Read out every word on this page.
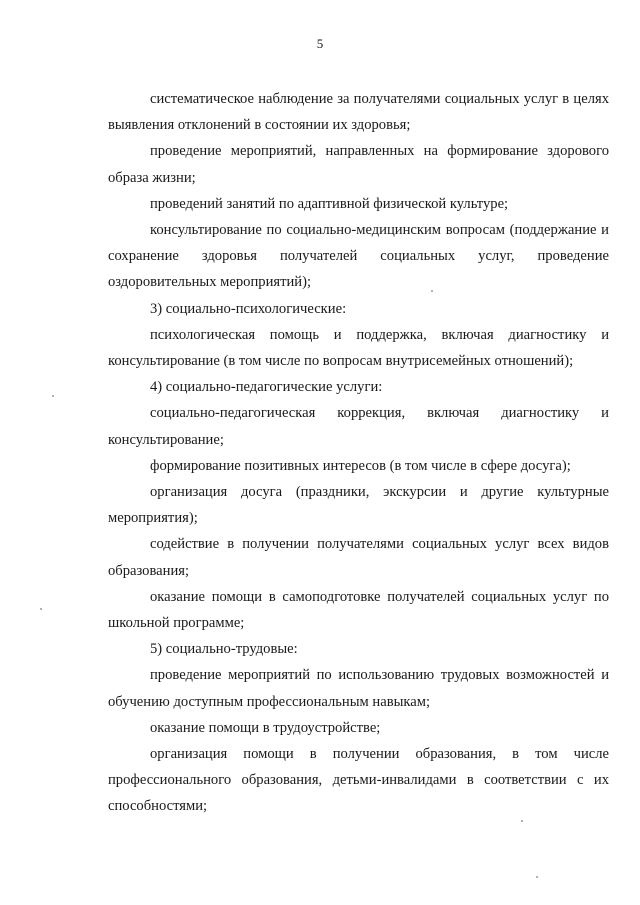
5

систематическое наблюдение за получателями социальных услуг в целях выявления отклонений в состоянии их здоровья;

проведение мероприятий, направленных на формирование здорового образа жизни;

проведений занятий по адаптивной физической культуре;

консультирование по социально-медицинским вопросам (поддержание и сохранение здоровья получателей социальных услуг, проведение оздоровительных мероприятий);

3) социально-психологические:

психологическая помощь и поддержка, включая диагностику и консультирование (в том числе по вопросам внутрисемейных отношений);

4) социально-педагогические услуги:

социально-педагогическая коррекция, включая диагностику и консультирование;

формирование позитивных интересов (в том числе в сфере досуга);

организация досуга (праздники, экскурсии и другие культурные мероприятия);

содействие в получении получателями социальных услуг всех видов образования;

оказание помощи в самоподготовке получателей социальных услуг по школьной программе;

5) социально-трудовые:

проведение мероприятий по использованию трудовых возможностей и обучению доступным профессиональным навыкам;

оказание помощи в трудоустройстве;

организация помощи в получении образования, в том числе профессионального образования, детьми-инвалидами в соответствии с их способностями;
